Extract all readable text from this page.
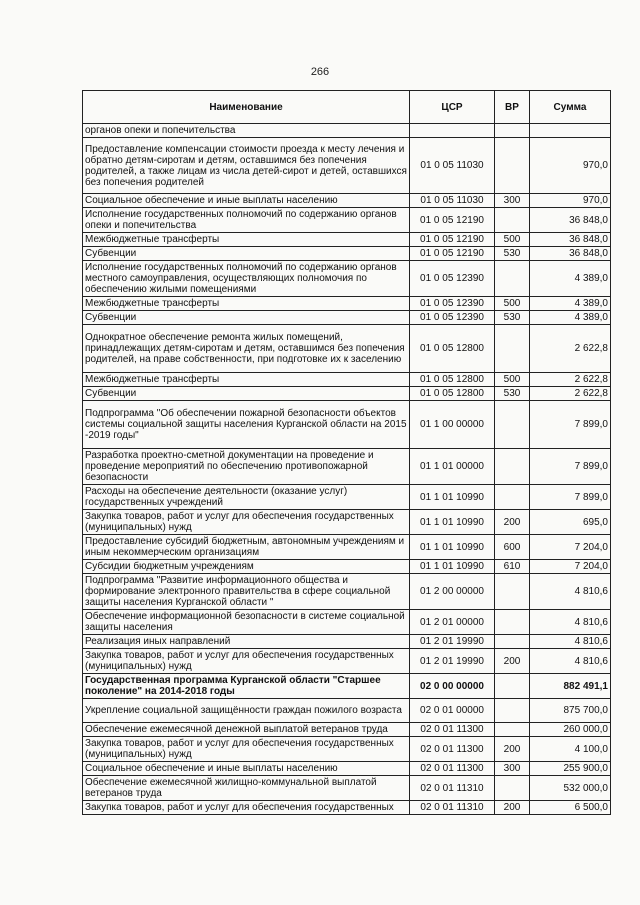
266
Наименование	ЦСР	ВР	Сумма
органов опеки и попечительства			
Предоставление компенсации стоимости проезда к месту лечения и обратно детям-сиротам и детям, оставшимся без попечения родителей, а также лицам из числа детей-сирот и детей, оставшихся без попечения родителей	01 0 05 11030		970,0
Социальное обеспечение и иные выплаты населению	01 0 05 11030	300	970,0
Исполнение государственных полномочий по содержанию органов опеки и попечительства	01 0 05 12190		36 848,0
Межбюджетные трансферты	01 0 05 12190	500	36 848,0
Субвенции	01 0 05 12190	530	36 848,0
Исполнение государственных полномочий по содержанию органов местного самоуправления, осуществляющих полномочия по обеспечению жилыми помещениями	01 0 05 12390		4 389,0
Межбюджетные трансферты	01 0 05 12390	500	4 389,0
Субвенции	01 0 05 12390	530	4 389,0
Однократное обеспечение ремонта жилых помещений, принадлежащих детям-сиротам и детям, оставшимся без попечения родителей, на праве собственности, при подготовке их к заселению	01 0 05 12800		2 622,8
Межбюджетные трансферты	01 0 05 12800	500	2 622,8
Субвенции	01 0 05 12800	530	2 622,8
Подпрограмма "Об обеспечении пожарной безопасности объектов системы социальной защиты населения Курганской области на 2015 -2019 годы"	01 1 00 00000		7 899,0
Разработка проектно-сметной документации на проведение и проведение мероприятий по обеспечению противопожарной безопасности	01 1 01 00000		7 899,0
Расходы на обеспечение деятельности (оказание услуг) государственных учреждений	01 1 01 10990		7 899,0
Закупка товаров, работ и услуг для обеспечения государственных (муниципальных) нужд	01 1 01 10990	200	695,0
Предоставление субсидий бюджетным, автономным учреждениям и иным некоммерческим организациям	01 1 01 10990	600	7 204,0
Субсидии бюджетным учреждениям	01 1 01 10990	610	7 204,0
Подпрограмма "Развитие информационного общества и формирование электронного правительства в сфере социальной защиты населения Курганской области "	01 2 00 00000		4 810,6
Обеспечение информационной безопасности в системе социальной защиты населения	01 2 01 00000		4 810,6
Реализация иных направлений	01 2 01 19990		4 810,6
Закупка товаров, работ и услуг для обеспечения государственных (муниципальных) нужд	01 2 01 19990	200	4 810,6
Государственная программа Курганской области "Старшее поколение" на 2014-2018 годы	02 0 00 00000		882 491,1
Укрепление социальной защищённости граждан пожилого возраста	02 0 01 00000		875 700,0
Обеспечение ежемесячной денежной выплатой ветеранов труда	02 0 01 11300		260 000,0
Закупка товаров, работ и услуг для обеспечения государственных (муниципальных) нужд	02 0 01 11300	200	4 100,0
Социальное обеспечение и иные выплаты населению	02 0 01 11300	300	255 900,0
Обеспечение ежемесячной жилищно-коммунальной выплатой ветеранов труда	02 0 01 11310		532 000,0
Закупка товаров, работ и услуг для обеспечения государственных	02 0 01 11310	200	6 500,0
